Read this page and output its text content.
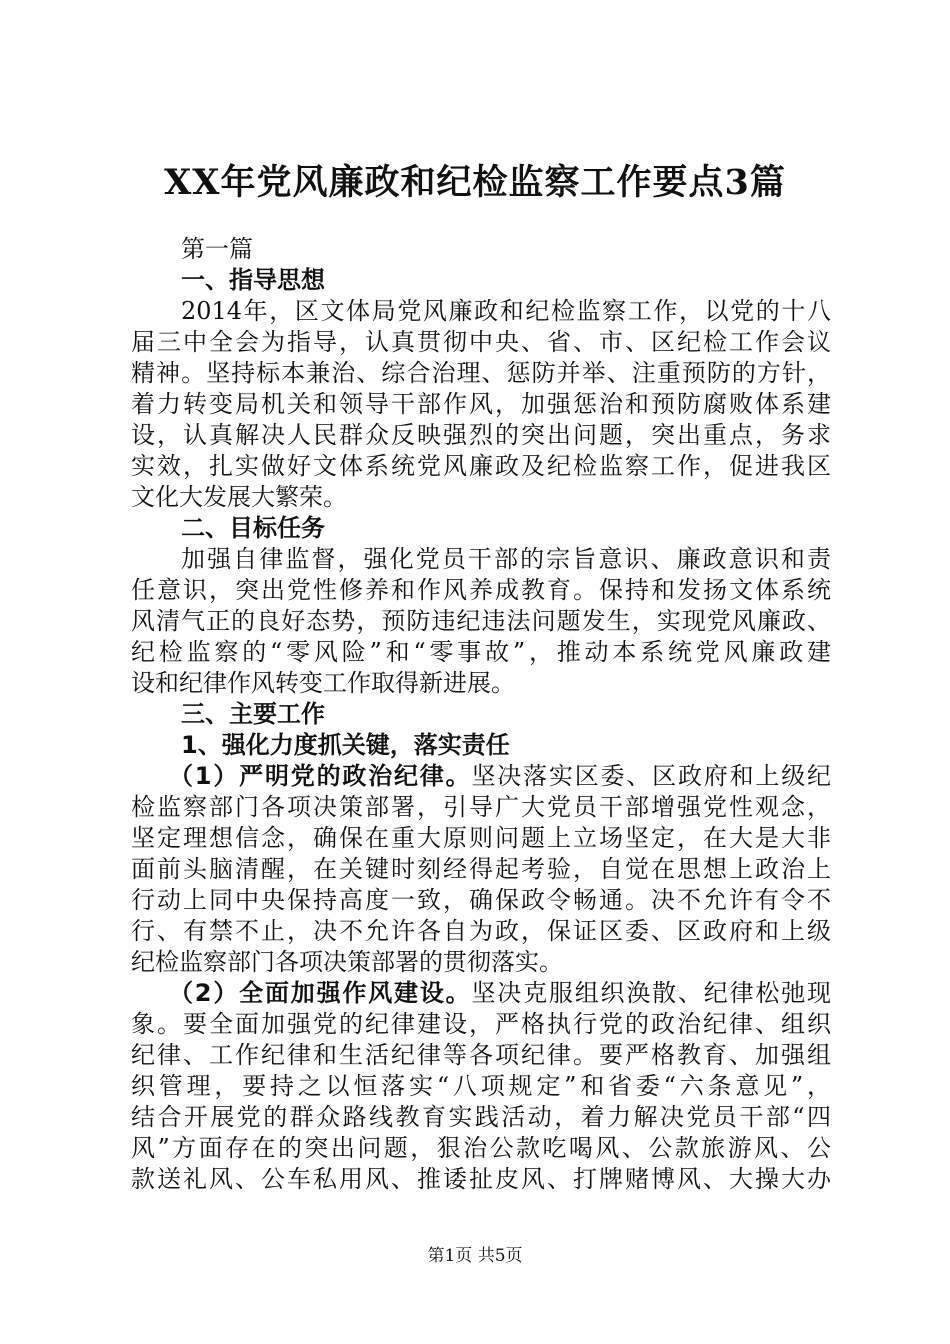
XX年党风廉政和纪检监察工作要点3篇
第一篇
一、指导思想
2014年，区文体局党风廉政和纪检监察工作，以党的十八
届三中全会为指导，认真贯彻中央、省、市、区纪检工作会议
精神。坚持标本兼治、综合治理、惩防并举、注重预防的方针，
着力转变局机关和领导干部作风，加强惩治和预防腐败体系建
设，认真解决人民群众反映强烈的突出问题，突出重点，务求
实效，扎实做好文体系统党风廉政及纪检监察工作，促进我区
文化大发展大繁荣。
二、目标任务
加强自律监督，强化党员干部的宗旨意识、廉政意识和责
任意识，突出党性修养和作风养成教育。保持和发扬文体系统
风清气正的良好态势，预防违纪违法问题发生，实现党风廉政、
纪检监察的“零风险”和“零事故”，推动本系统党风廉政建
设和纪律作风转变工作取得新进展。
三、主要工作
1、强化力度抓关键，落实责任
（1）严明党的政治纪律。坚决落实区委、区政府和上级纪
检监察部门各项决策部署，引导广大党员干部增强党性观念，
坚定理想信念，确保在重大原则问题上立场坚定，在大是大非
面前头脑清醒，在关键时刻经得起考验，自觉在思想上政治上
行动上同中央保持高度一致，确保政令畅通。决不允许有令不
行、有禁不止，决不允许各自为政，保证区委、区政府和上级
纪检监察部门各项决策部署的贯彻落实。
（2）全面加强作风建设。坚决克服组织涣散、纪律松弛现
象。要全面加强党的纪律建设，严格执行党的政治纪律、组织
纪律、工作纪律和生活纪律等各项纪律。要严格教育、加强组
织管理，要持之以恒落实“八项规定”和省委“六条意见”，
结合开展党的群众路线教育实践活动，着力解决党员干部“四
风”方面存在的突出问题，狠治公款吃喝风、公款旅游风、公
款送礼风、公车私用风、推诿扯皮风、打牌赌博风、大操大办
第1页 共5页
